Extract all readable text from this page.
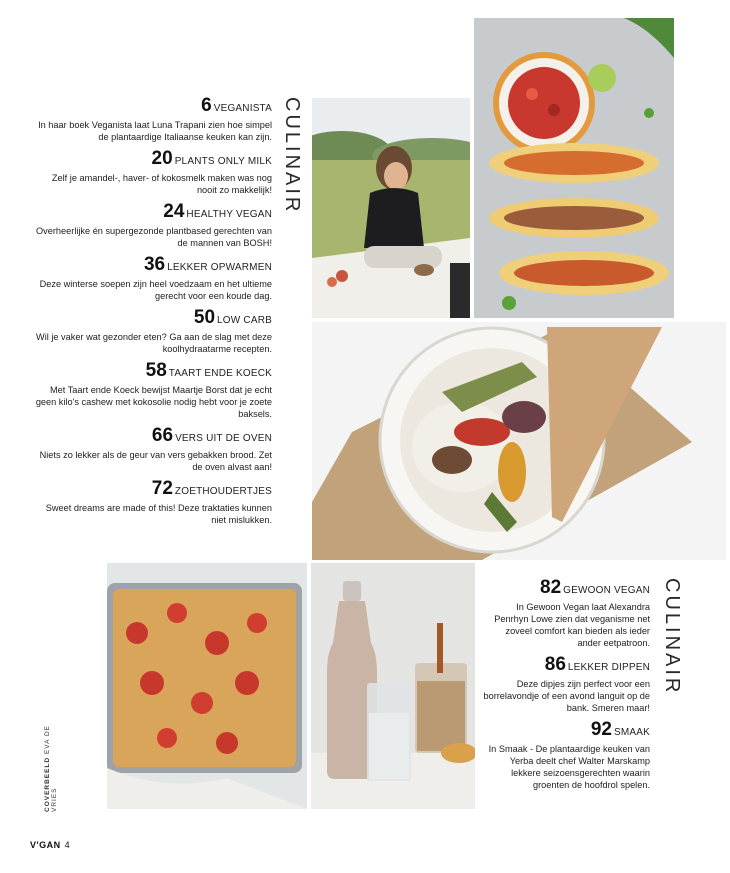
6 VEGANISTA
In haar boek Veganista laat Luna Trapani zien hoe simpel de plantaardige Italiaanse keuken kan zijn.
20 PLANTS ONLY MILK
Zelf je amandel-, haver- of kokosmelk maken was nog nooit zo makkelijk!
24 HEALTHY VEGAN
Overheerlijke én supergezonde plantbased gerechten van de mannen van BOSH!
36 LEKKER OPWARMEN
Deze winterse soepen zijn heel voedzaam en het ultieme gerecht voor een koude dag.
50 LOW CARB
Wil je vaker wat gezonder eten? Ga aan de slag met deze koolhydraatarme recepten.
58 TAART ENDE KOECK
Met Taart ende Koeck bewijst Maartje Borst dat je echt geen kilo's cashew met kokosolie nodig hebt voor je zoete baksels.
66 VERS UIT DE OVEN
Niets zo lekker als de geur van vers gebakken brood. Zet de oven alvast aan!
72 ZOETHOUDERTJES
Sweet dreams are made of this! Deze traktaties kunnen niet mislukken.
CULINAIR
82 GEWOON VEGAN
In Gewoon Vegan laat Alexandra Penrhyn Lowe zien dat veganisme net zoveel comfort kan bieden als ieder ander eetpatroon.
86 LEKKER DIPPEN
Deze dipjes zijn perfect voor een borrelavondje of een avond languit op de bank. Smeren maar!
92 SMAAK
In Smaak - De plantaardige keuken van Yerba deelt chef Walter Marskamp lekkere seizoensgerechten waarin groenten de hoofdrol spelen.
CULINAIR
COVERBEELD EVA DE VRIES
V'GAN 4
